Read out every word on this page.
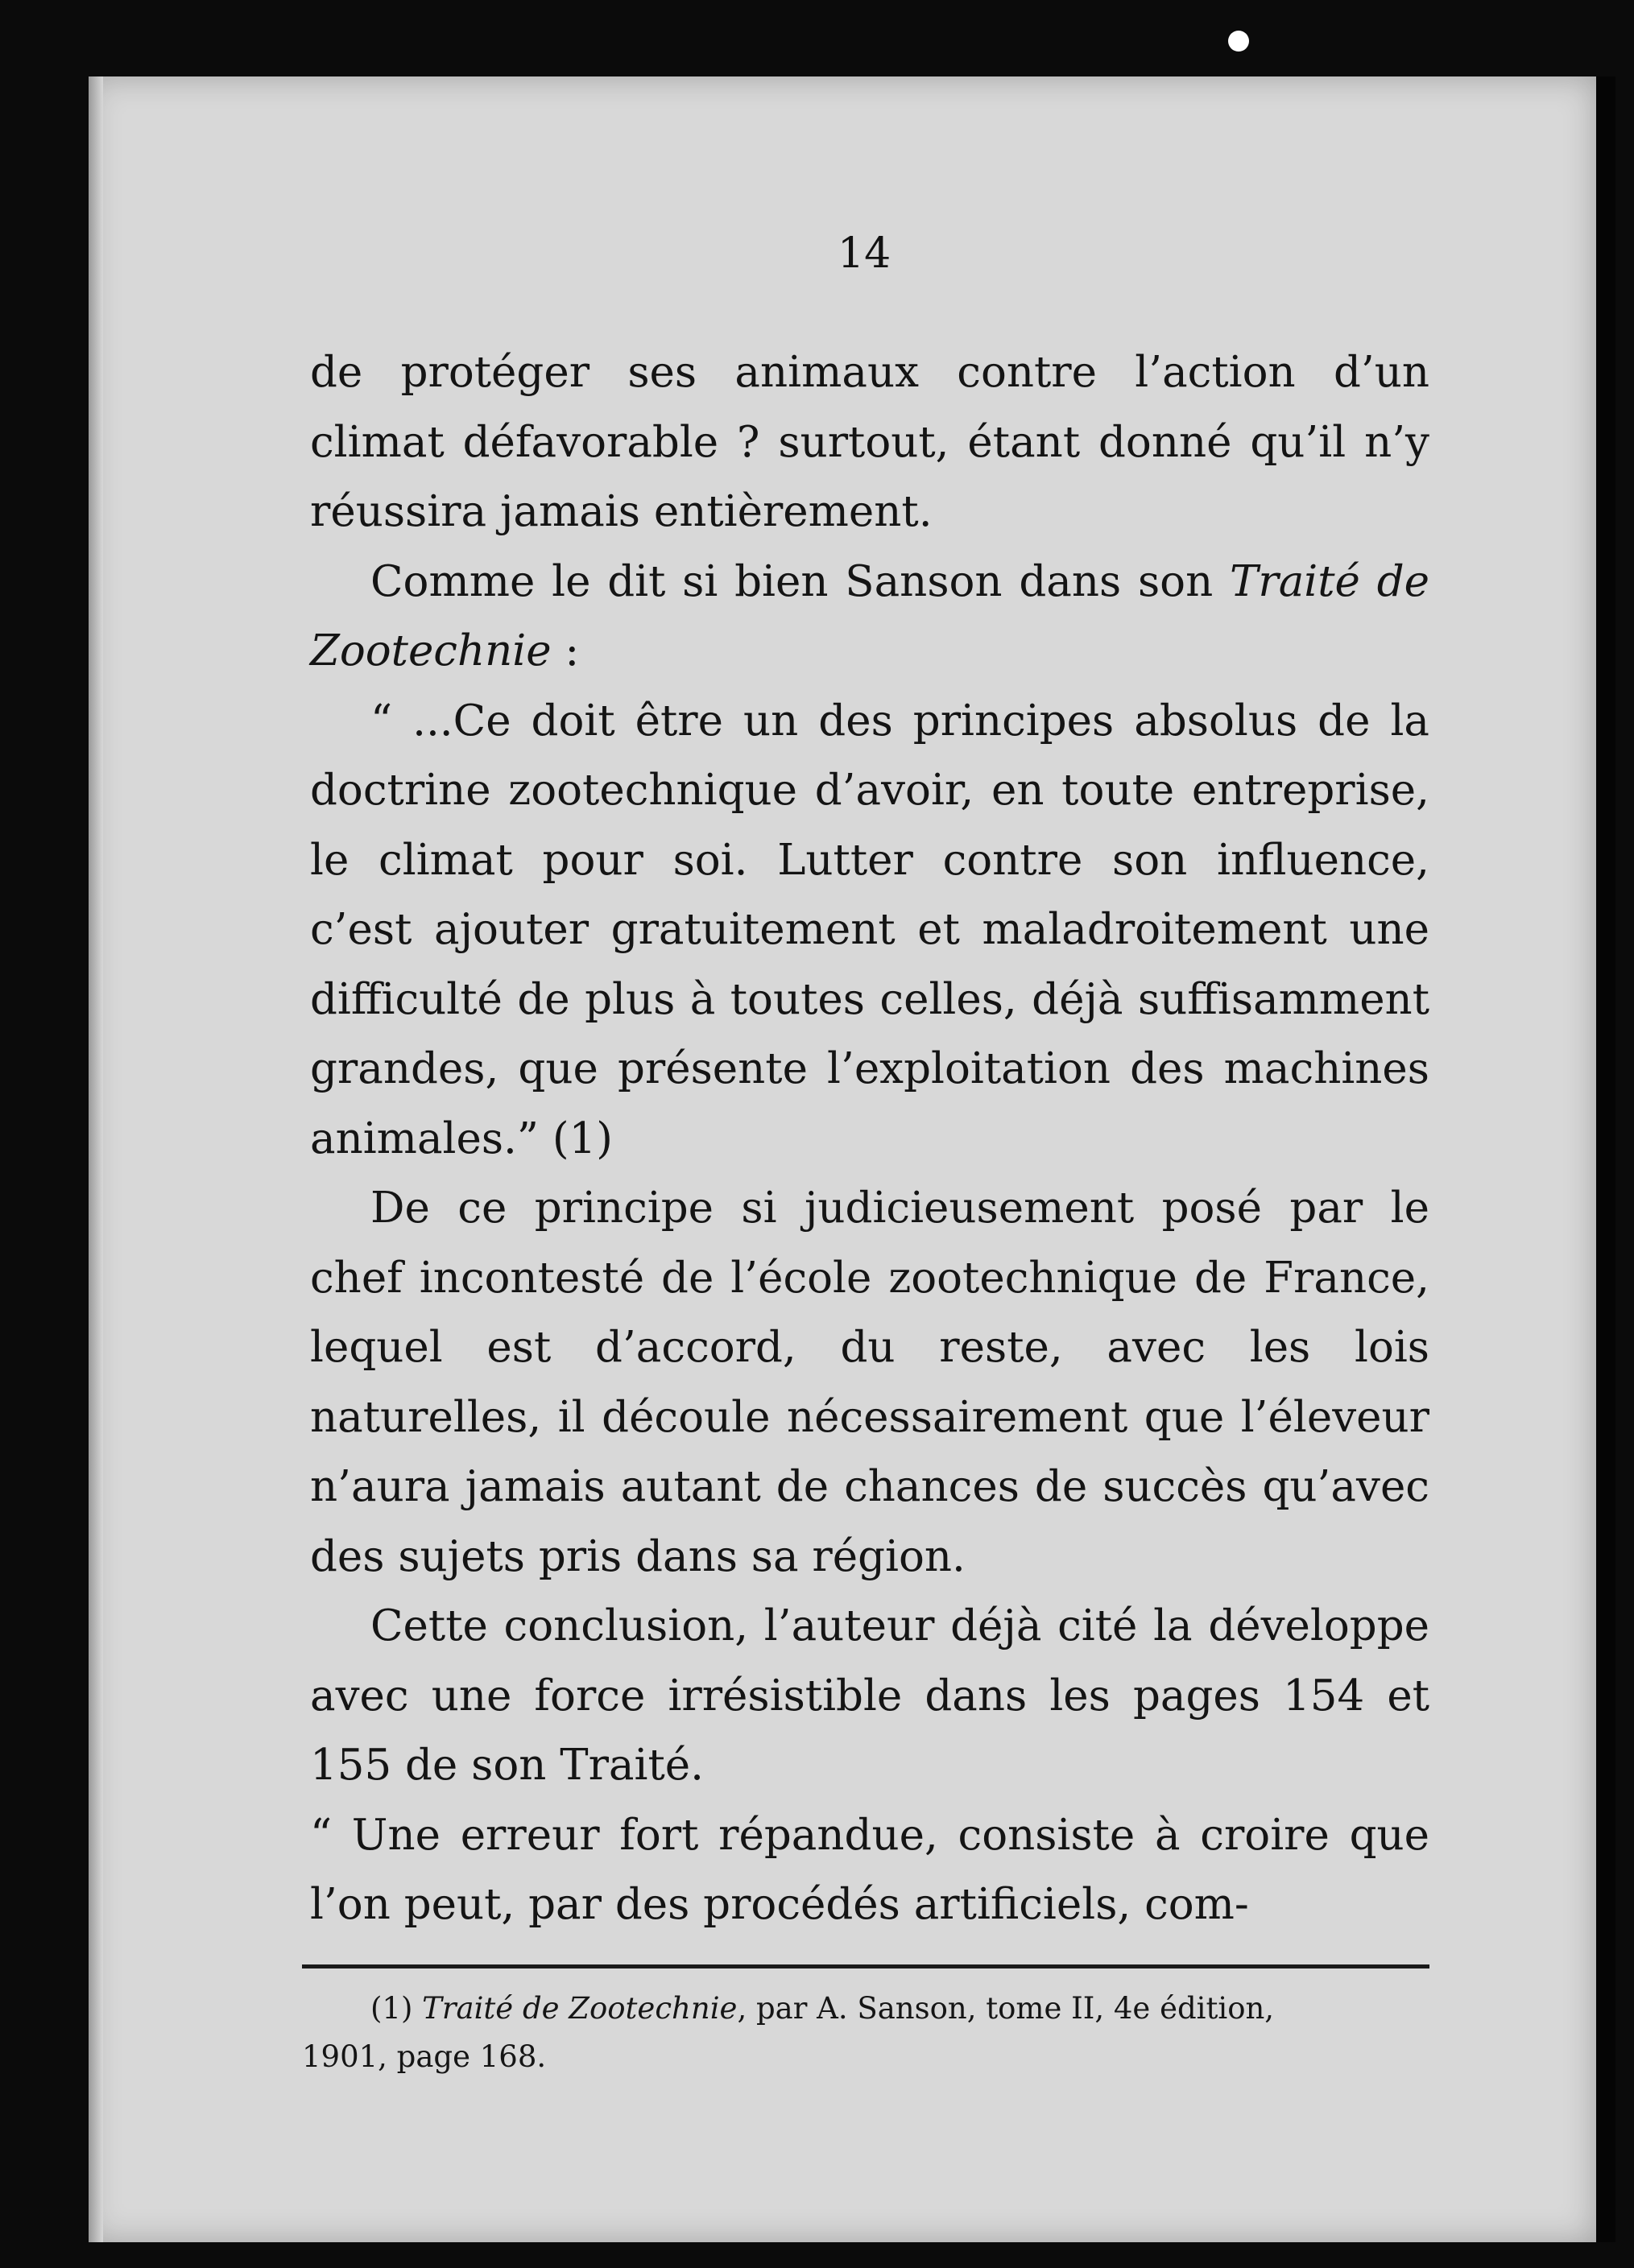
14

de protéger ses animaux contre l’action d’un climat défavorable ? surtout, étant donné qu’il n’y réussira jamais entièrement.

Comme le dit si bien Sanson dans son Traité de Zootechnie :

“ ...Ce doit être un des principes absolus de la doctrine zootechnique d’avoir, en toute entreprise, le climat pour soi. Lutter contre son influence, c’est ajouter gratuitement et maladroitement une difficulté de plus à toutes celles, déjà suffisamment grandes, que présente l’exploitation des machines animales.” (1)

De ce principe si judicieusement posé par le chef incontesté de l’école zootechnique de France, lequel est d’accord, du reste, avec les lois naturelles, il découle nécessairement que l’éleveur n’aura jamais autant de chances de succès qu’avec des sujets pris dans sa région.

Cette conclusion, l’auteur déjà cité la développe avec une force irrésistible dans les pages 154 et 155 de son Traité.

“ Une erreur fort répandue, consiste à croire que l’on peut, par des procédés artificiels, com-

(1) Traité de Zootechnie, par A. Sanson, tome II, 4e édition,
1901, page 168.
